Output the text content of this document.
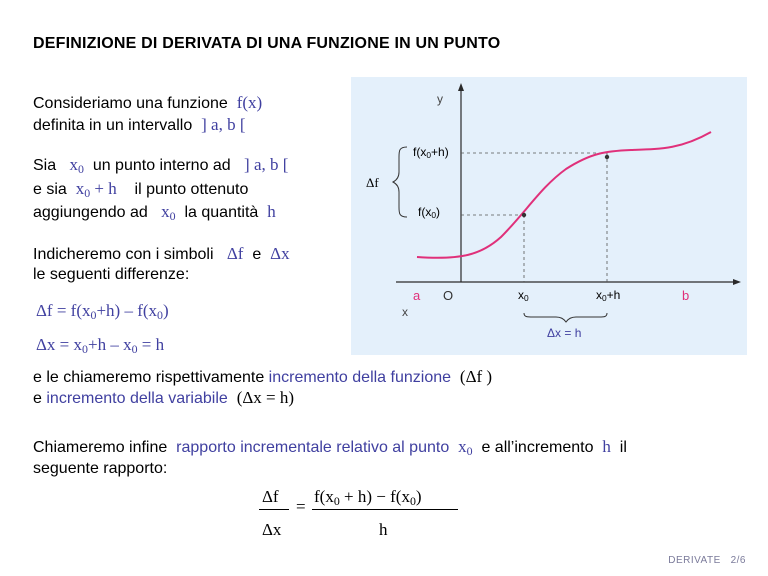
DEFINIZIONE DI DERIVATA DI UNA FUNZIONE IN UN PUNTO
y
x
O
a	b
$x_0$	$x_0+h$
$f(x_0)$
$f(x_0+h)$
Δf
Δx = h
Consideriamo una funzione f(x)
definita in un intervallo ] a, b [
Sia $x_0$ un punto interno ad ] a, b [
e sia $x_0 + h$ il punto ottenuto
aggiungendo ad $x_0$ la quantità h
Indicheremo con i simboli Δf e Δx
le seguenti differenze:
$\Delta f = f(x_0+h) - f(x_0)$
$\Delta x = x_0+h - x_0 = h$
e le chiameremo rispettivamente incremento della funzione (Δf )
e incremento della variabile (Δx = h)
Chiameremo infine rapporto incrementale relativo al punto $x_0$ e all’incremento h il
seguente rapporto:
Δf
Δx
=
$f(x_0 + h) - f(x_0)$
h
DERIVATE 2/6
